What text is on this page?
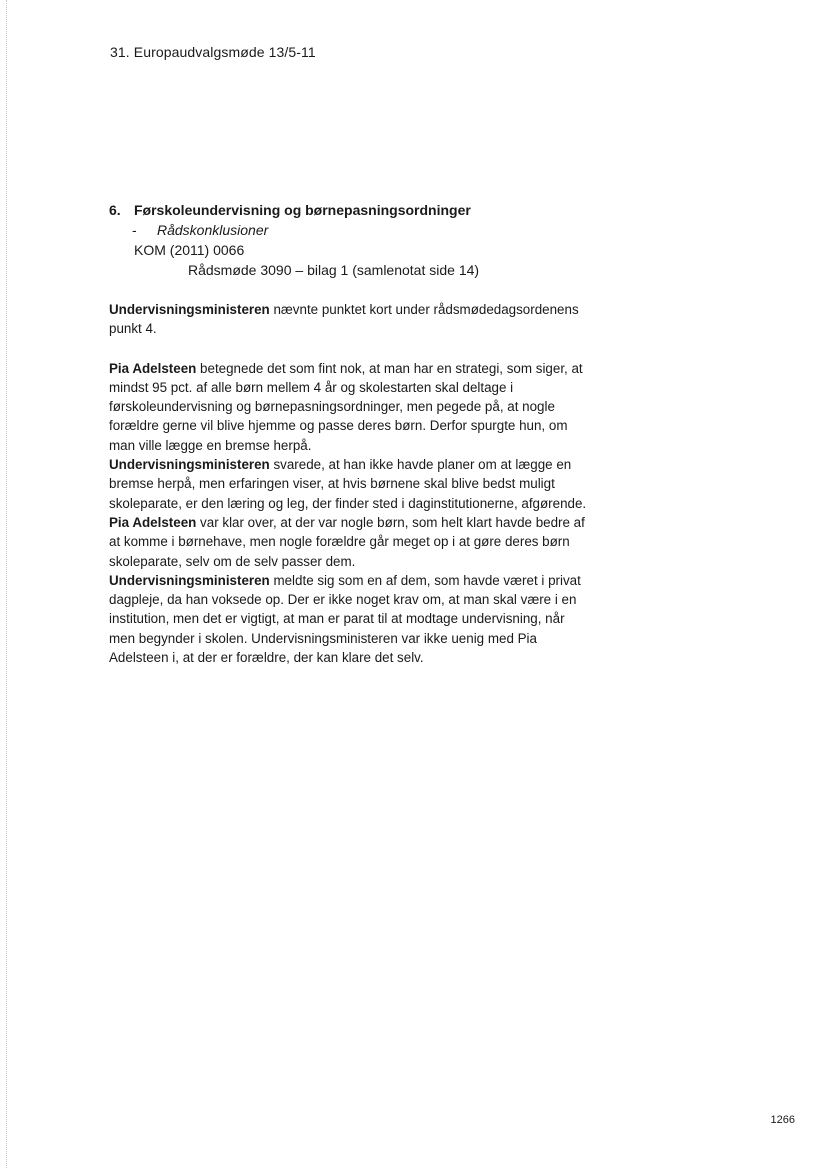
31. Europaudvalgsmøde 13/5-11
6. Førskoleundervisning og børnepasningsordninger
- Rådskonklusioner
KOM (2011) 0066
Rådsmøde 3090 – bilag 1 (samlenotat side 14)

Undervisningsministeren nævnte punktet kort under rådsmødedagsordenens punkt 4.

Pia Adelsteen betegnede det som fint nok, at man har en strategi, som siger, at mindst 95 pct. af alle børn mellem 4 år og skolestarten skal deltage i førskoleundervisning og børnepasningsordninger, men pegede på, at nogle forældre gerne vil blive hjemme og passe deres børn. Derfor spurgte hun, om man ville lægge en bremse herpå.

Undervisningsministeren svarede, at han ikke havde planer om at lægge en bremse herpå, men erfaringen viser, at hvis børnene skal blive bedst muligt skoleparate, er den læring og leg, der finder sted i daginstitutionerne, afgørende.

Pia Adelsteen var klar over, at der var nogle børn, som helt klart havde bedre af at komme i børnehave, men nogle forældre går meget op i at gøre deres børn skoleparate, selv om de selv passer dem.

Undervisningsministeren meldte sig som en af dem, som havde været i privat dagpleje, da han voksede op. Der er ikke noget krav om, at man skal være i en institution, men det er vigtigt, at man er parat til at modtage undervisning, når men begynder i skolen. Undervisningsministeren var ikke uenig med Pia Adelsteen i, at der er forældre, der kan klare det selv.

1266
